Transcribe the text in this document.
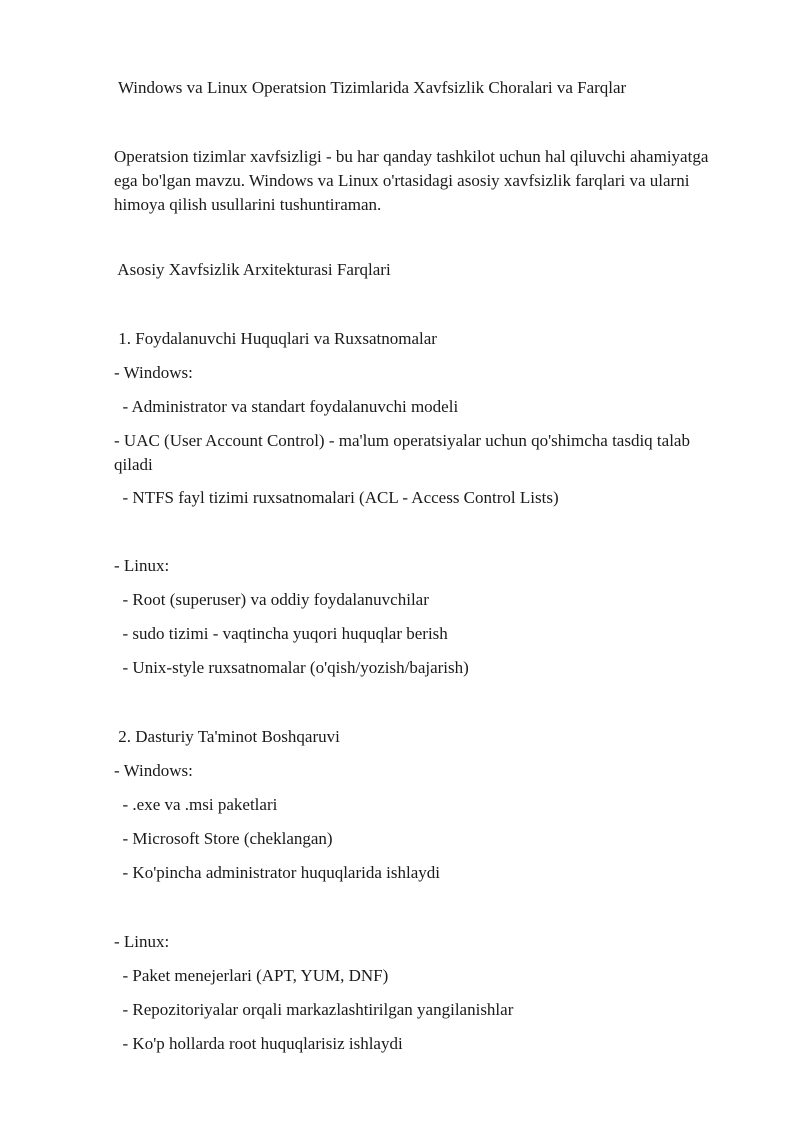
Windows va Linux Operatsion Tizimlarida Xavfsizlik Choralari va Farqlar

Operatsion tizimlar xavfsizligi - bu har qanday tashkilot uchun hal qiluvchi ahamiyatga ega bo'lgan mavzu. Windows va Linux o'rtasidagi asosiy xavfsizlik farqlari va ularni himoya qilish usullarini tushuntiraman.

Asosiy Xavfsizlik Arxitekturasi Farqlari

1. Foydalanuvchi Huquqlari va Ruxsatnomalar

- Windows:

- Administrator va standart foydalanuvchi modeli

- UAC (User Account Control) - ma'lum operatsiyalar uchun qo'shimcha tasdiq talab qiladi

- NTFS fayl tizimi ruxsatnomalari (ACL - Access Control Lists)

- Linux:

- Root (superuser) va oddiy foydalanuvchilar

- sudo tizimi - vaqtincha yuqori huquqlar berish

- Unix-style ruxsatnomalar (o'qish/yozish/bajarish)

2. Dasturiy Ta'minot Boshqaruvi

- Windows:

- .exe va .msi paketlari

- Microsoft Store (cheklangan)

- Ko'pincha administrator huquqlarida ishlaydi

- Linux:

- Paket menejerlari (APT, YUM, DNF)

- Repozitoriyalar orqali markazlashtirilgan yangilanishlar

- Ko'p hollarda root huquqlarisiz ishlaydi
